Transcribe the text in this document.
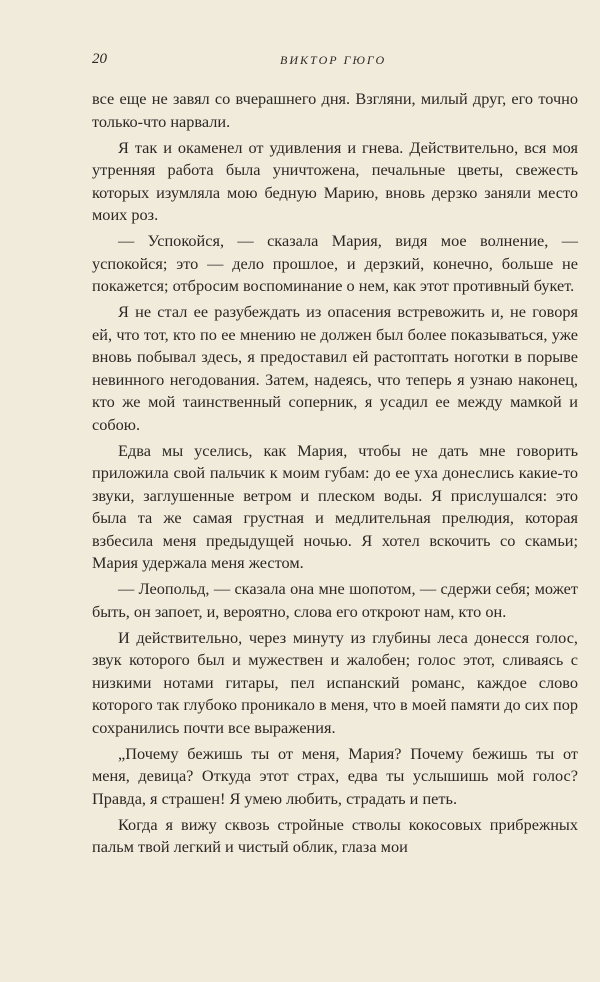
20	ВИКТОР ГЮГО

все еще не завял со вчерашнего дня. Взгляни, милый друг, его точно только-что нарвали.

Я так и окаменел от удивления и гнева. Действительно, вся моя утренняя работа была уничтожена, печальные цветы, свежесть которых изумляла мою бедную Марию, вновь дерзко заняли место моих роз.

— Успокойся, — сказала Мария, видя мое волнение, — успокойся; это — дело прошлое, и дерзкий, конечно, больше не покажется; отбросим воспоминание о нем, как этот противный букет.

Я не стал ее разубеждать из опасения встревожить и, не говоря ей, что тот, кто по ее мнению не должен был более показываться, уже вновь побывал здесь, я предоставил ей растоптать ноготки в порыве невинного негодования. Затем, надеясь, что теперь я узнаю наконец, кто же мой таинственный соперник, я усадил ее между мамкой и собою.

Едва мы уселись, как Мария, чтобы не дать мне говорить приложила свой пальчик к моим губам: до ее уха донеслись какие-то звуки, заглушенные ветром и плеском воды. Я прислушался: это была та же самая грустная и медлительная прелюдия, которая взбесила меня предыдущей ночью. Я хотел вскочить со скамьи; Мария удержала меня жестом.

— Леопольд, — сказала она мне шопотом, — сдержи себя; может быть, он запоет, и, вероятно, слова его откроют нам, кто он.

И действительно, через минуту из глубины леса донесся голос, звук которого был и мужествен и жалобен; голос этот, сливаясь с низкими нотами гитары, пел испанский романс, каждое слово которого так глубоко проникало в меня, что в моей памяти до сих пор сохранились почти все выражения.

„Почему бежишь ты от меня, Мария? Почему бежишь ты от меня, девица? Откуда этот страх, едва ты услышишь мой голос? Правда, я страшен! Я умею любить, страдать и петь.

Когда я вижу сквозь стройные стволы кокосовых прибрежных пальм твой легкий и чистый облик, глаза мои
